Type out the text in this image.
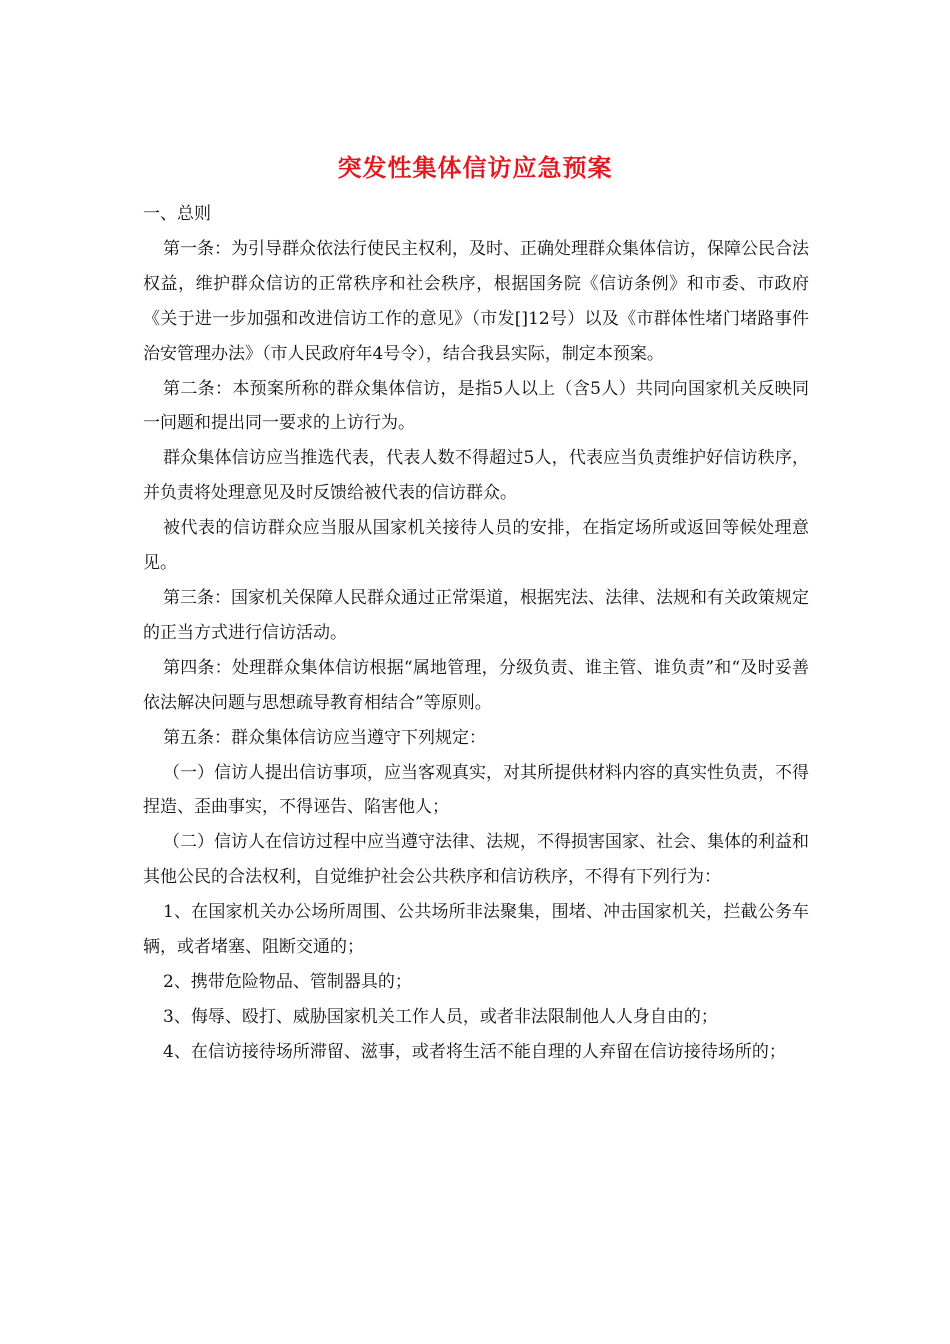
突发性集体信访应急预案

一、总则

第一条：为引导群众依法行使民主权利，及时、正确处理群众集体信访，保障公民合法权益，维护群众信访的正常秩序和社会秩序，根据国务院《信访条例》和市委、市政府《关于进一步加强和改进信访工作的意见》（市发[]12号）以及《市群体性堵门堵路事件治安管理办法》（市人民政府年4号令），结合我县实际，制定本预案。

第二条：本预案所称的群众集体信访，是指5人以上（含5人）共同向国家机关反映同一问题和提出同一要求的上访行为。

群众集体信访应当推选代表，代表人数不得超过5人，代表应当负责维护好信访秩序，并负责将处理意见及时反馈给被代表的信访群众。

被代表的信访群众应当服从国家机关接待人员的安排，在指定场所或返回等候处理意见。

第三条：国家机关保障人民群众通过正常渠道，根据宪法、法律、法规和有关政策规定的正当方式进行信访活动。

第四条：处理群众集体信访根据“属地管理，分级负责、谁主管、谁负责”和“及时妥善依法解决问题与思想疏导教育相结合”等原则。

第五条：群众集体信访应当遵守下列规定：

（一）信访人提出信访事项，应当客观真实，对其所提供材料内容的真实性负责，不得捏造、歪曲事实，不得诬告、陷害他人；

（二）信访人在信访过程中应当遵守法律、法规，不得损害国家、社会、集体的利益和其他公民的合法权利，自觉维护社会公共秩序和信访秩序，不得有下列行为：

1、在国家机关办公场所周围、公共场所非法聚集，围堵、冲击国家机关，拦截公务车辆，或者堵塞、阻断交通的；

2、携带危险物品、管制器具的；

3、侮辱、殴打、威胁国家机关工作人员，或者非法限制他人人身自由的；

4、在信访接待场所滞留、滋事，或者将生活不能自理的人弃留在信访接待场所的；
